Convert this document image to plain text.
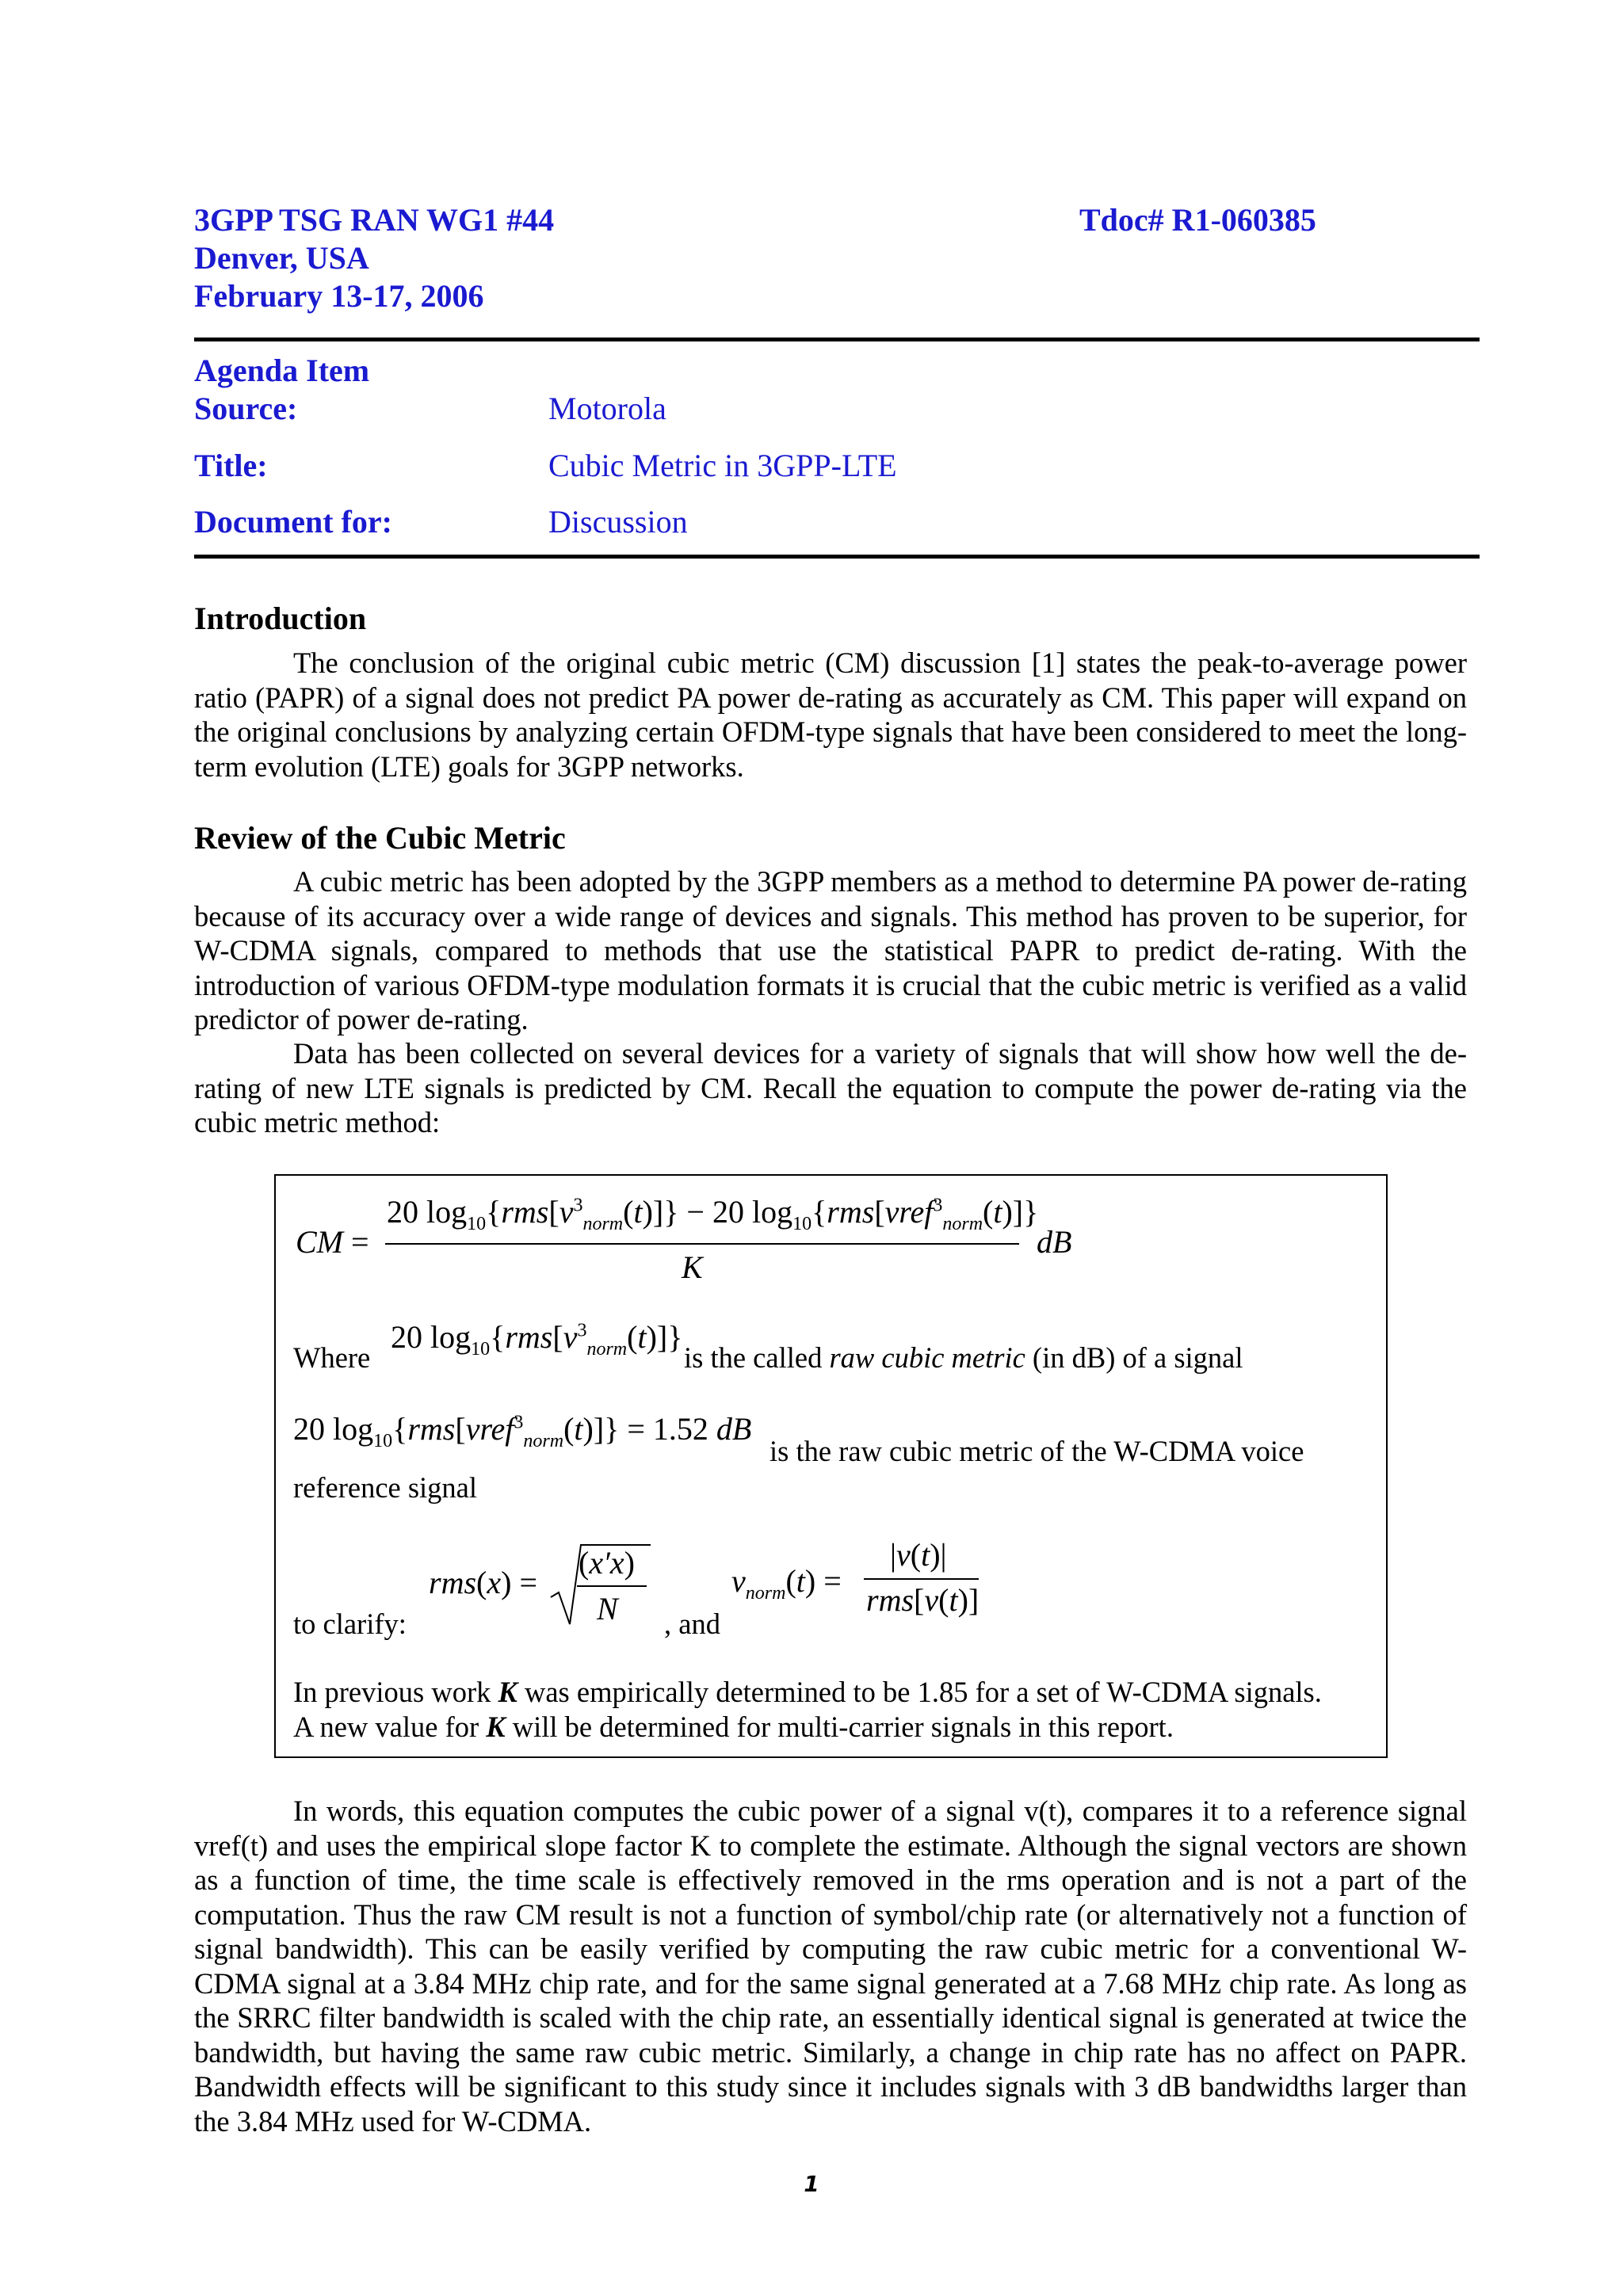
3GPP TSG RAN WG1 #44
Denver, USA
February 13-17, 2006
Tdoc# R1-060385
Agenda Item
Source:	Motorola
Title:	Cubic Metric in 3GPP-LTE
Document for:	Discussion
Introduction

The conclusion of the original cubic metric (CM) discussion [1] states the peak-to-average power ratio (PAPR) of a signal does not predict PA power de-rating as accurately as CM. This paper will expand on the original conclusions by analyzing certain OFDM-type signals that have been considered to meet the long-term evolution (LTE) goals for 3GPP networks.

Review of the Cubic Metric

A cubic metric has been adopted by the 3GPP members as a method to determine PA power de-rating because of its accuracy over a wide range of devices and signals. This method has proven to be superior, for W-CDMA signals, compared to methods that use the statistical PAPR to predict de-rating. With the introduction of various OFDM-type modulation formats it is crucial that the cubic metric is verified as a valid predictor of power de-rating.

Data has been collected on several devices for a variety of signals that will show how well the de-rating of new LTE signals is predicted by CM. Recall the equation to compute the power de-rating via the cubic metric method:

CM =
20 $\log_{10}\{rms[v^3_{norm}(t)]\} - 20$ $\log_{10}\{rms[vref^3_{norm}(t)]\}$
K
dB
Where
20 $\log_{10}\{rms[v^3_{norm}(t)]\}$
is the called raw cubic metric (in dB) of a signal
20 $\log_{10}\{rms[vref^3_{norm}(t)]\} = 1.52$ dB
is the raw cubic metric of the W-CDMA voice
reference signal
to clarify:
rms(x) =
(x′x)
N , and
$v_{norm}(t)$ =
|v(t)|
rms[v(t)]
In previous work K was empirically determined to be 1.85 for a set of W-CDMA signals.
A new value for K will be determined for multi-carrier signals in this report.

In words, this equation computes the cubic power of a signal v(t), compares it to a reference signal vref(t) and uses the empirical slope factor K to complete the estimate. Although the signal vectors are shown as a function of time, the time scale is effectively removed in the rms operation and is not a part of the computation. Thus the raw CM result is not a function of symbol/chip rate (or alternatively not a function of signal bandwidth). This can be easily verified by computing the raw cubic metric for a conventional W-CDMA signal at a 3.84 MHz chip rate, and for the same signal generated at a 7.68 MHz chip rate. As long as the SRRC filter bandwidth is scaled with the chip rate, an essentially identical signal is generated at twice the bandwidth, but having the same raw cubic metric. Similarly, a change in chip rate has no affect on PAPR. Bandwidth effects will be significant to this study since it includes signals with 3 dB bandwidths larger than the 3.84 MHz used for W-CDMA.

1
